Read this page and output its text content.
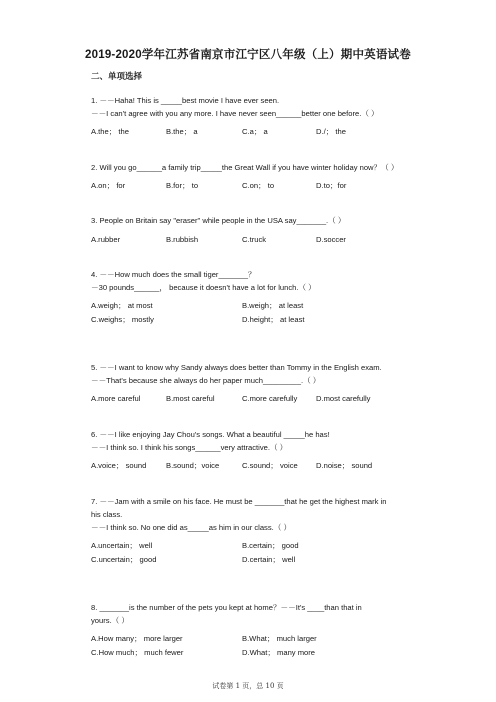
2019-2020学年江苏省南京市江宁区八年级（上）期中英语试卷
二、单项选择
1. －－Haha! This is _____best movie I have ever seen.
－－I can't agree with you any more. I have never seen______better one before.（ ）
A.the； the	B.the； a	C.a； a	D./； the
2. Will you go______a family trip_____the Great Wall if you have winter holiday now？（ ）
A.on； for	B.for； to	C.on； to	D.to；for
3. People on Britain say "eraser" while people in the USA say_______.（ ）
A.rubber	B.rubbish	C.truck	D.soccer
4. －－How much does the small tiger_______？
－30 pounds______， because it doesn't have a lot for lunch.（ ）
A.weigh； at most	B.weigh； at least
C.weighs； mostly	D.height； at least
5. －－I want to know why Sandy always does better than Tommy in the English exam.
－－That's because she always do her paper much_________.（ ）
A.more careful	B.most careful	C.more carefully D.most carefully
6. －－I like enjoying Jay Chou's songs. What a beautiful _____he has!
－－I think so. I think his songs______very attractive.（ ）
A.voice； sound	B.sound；voice	C.sound； voice D.noise； sound
7. －－Jam with a smile on his face. He must be _______that he get the highest mark in
his class.
－－I think so. No one did as_____as him in our class.（ ）
A.uncertain； well	B.certain； good
C.uncertain； good	D.certain； well
8. _______is the number of the pets you kept at home？－－It's ____than that in
yours.（ ）
A.How many； more larger	B.What； much larger
C.How much； much fewer	D.What； many more
试卷第 1 页，总 10 页
